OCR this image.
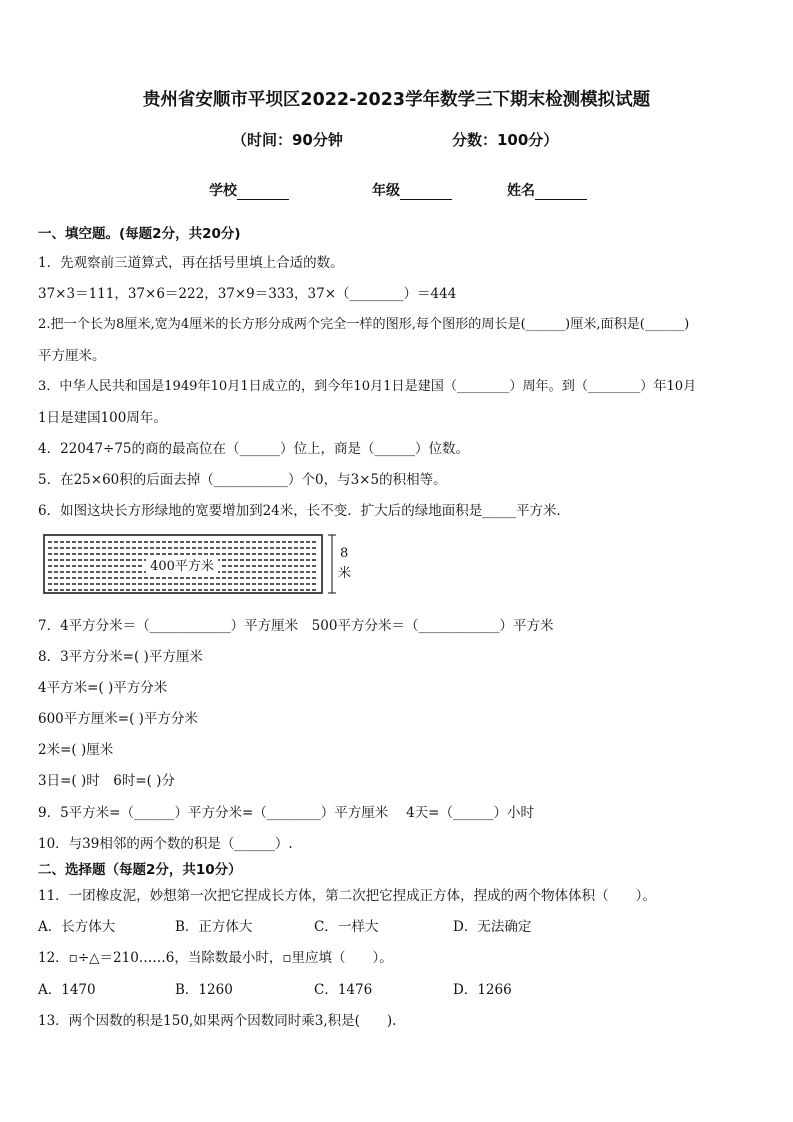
贵州省安顺市平坝区2022-2023学年数学三下期末检测模拟试题
（时间：90分钟	分数：100分）
学校	年级	姓名
一、填空题。(每题2分，共20分)
1．先观察前三道算式，再在括号里填上合适的数。
37×3＝111，37×6＝222，37×9＝333，37×（________）＝444
2.把一个长为8厘米,宽为4厘米的长方形分成两个完全一样的图形,每个图形的周长是(______)厘米,面积是(______)
平方厘米。
3．中华人民共和国是1949年10月1日成立的，到今年10月1日是建国（________）周年。到（________）年10月
1日是建国100周年。
4．22047÷75的商的最高位在（______）位上，商是（______）位数。
5．在25×60积的后面去掉（___________）个0，与3×5的积相等。
6．如图这块长方形绿地的宽要增加到24米，长不变．扩大后的绿地面积是_____平方米．
400平方米
8
米
7．4平方分米＝（____________）平方厘米　500平方分米＝（____________）平方米
8．3平方分米=( )平方厘米
4平方米=( )平方分米
600平方厘米=( )平方分米
2米=( )厘米
3日=( )时　6时=( )分
9．5平方米=（______）平方分米=（________）平方厘米　 4天=（______）小时
10．与39相邻的两个数的积是（______）.
二、选择题（每题2分，共10分）
11．一团橡皮泥，妙想第一次把它捏成长方体，第二次把它捏成正方体，捏成的两个物体体积（　　）。
A．长方体大	B．正方体大	C．一样大	D．无法确定
12．▫÷△＝210……6，当除数最小时，▫里应填（　　）。
A．1470	B．1260	C．1476	D．1266
13．两个因数的积是150,如果两个因数同时乘3,积是(　　).
